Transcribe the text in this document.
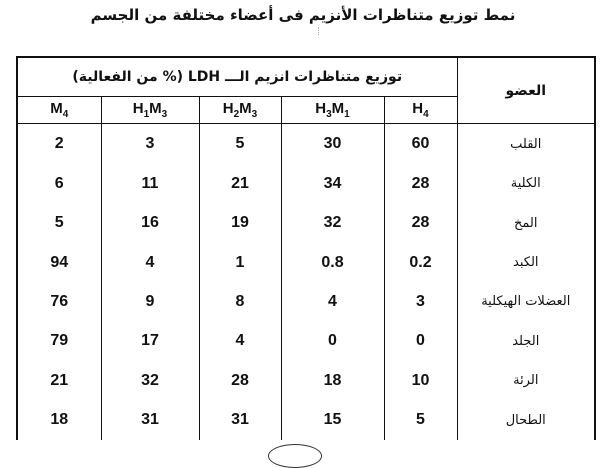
نمط توزيع متناظرات الأنزيم فى أعضاء مختلفة من الجسم
توزيع متناظرات انزيم الـــ LDH (% من الفعالية)					العضو
$M_4$	$H_1M_3$	$H_2M_3$	$H_3M_1$	$H_4$
2	3	5	30	60	القلب
6	11	21	34	28	الكلية
5	16	19	32	28	المخ
94	4	1	0.8	0.2	الكبد
76	9	8	4	3	العضلات الهيكلية
79	17	4	0	0	الجلد
21	32	28	18	10	الرئة
18	31	31	15	5	الطحال
